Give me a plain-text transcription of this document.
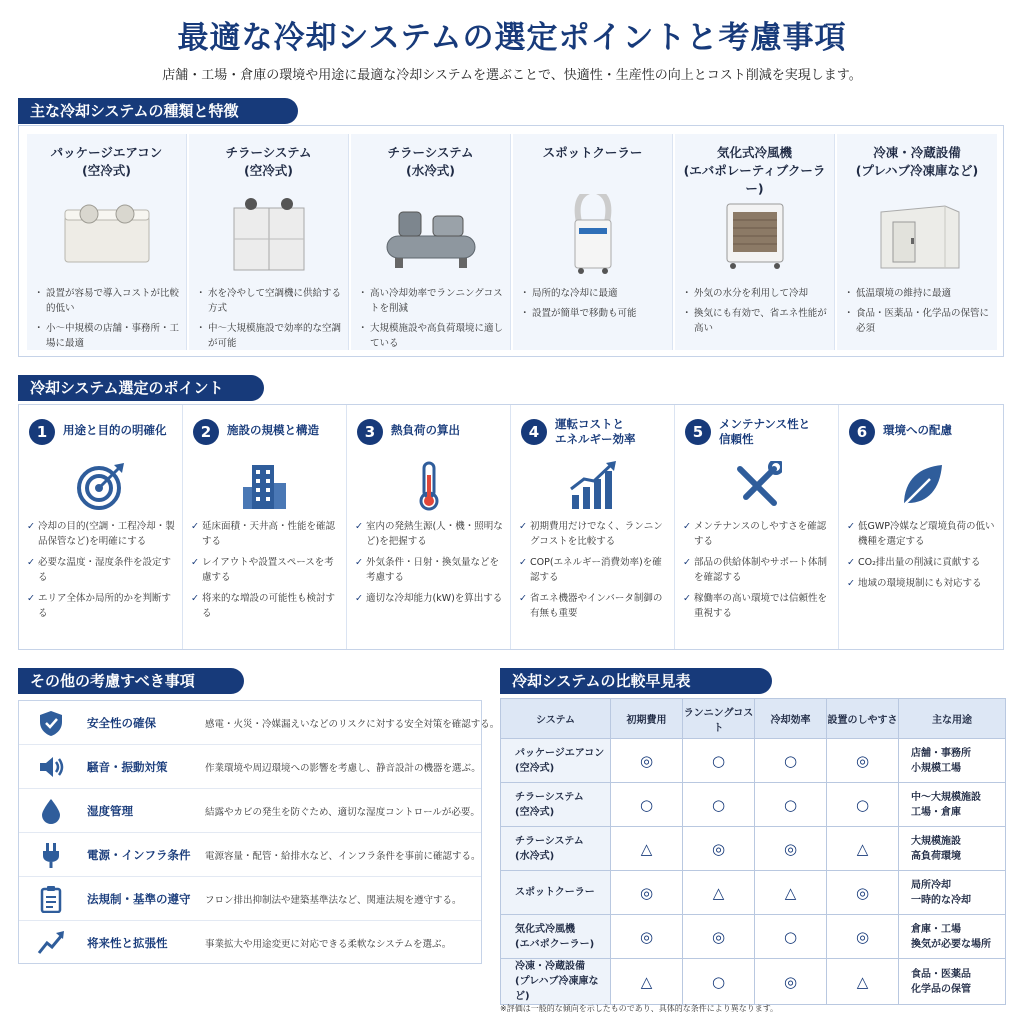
最適な冷却システムの選定ポイントと考慮事項
店舗・工場・倉庫の環境や用途に最適な冷却システムを選ぶことで、快適性・生産性の向上とコスト削減を実現します。
主な冷却システムの種類と特徴
パッケージエアコン
(空冷式)
・ 設置が容易で導入コストが比較的低い
・ 小〜中規模の店舗・事務所・工場に最適
チラーシステム
(空冷式)
・ 水を冷やして空調機に供給する方式
・ 中〜大規模施設で効率的な空調が可能
チラーシステム
(水冷式)
・ 高い冷却効率でランニングコストを削減
・ 大規模施設や高負荷環境に適している
スポットクーラー
・ 局所的な冷却に最適
・ 設置が簡単で移動も可能
気化式冷風機
(エバポレーティブクーラー)
・ 外気の水分を利用して冷却
・ 換気にも有効で、省エネ性能が高い
冷凍・冷蔵設備
(プレハブ冷凍庫など)
・ 低温環境の維持に最適
・ 食品・医薬品・化学品の保管に必須
冷却システム選定のポイント
1	用途と目的の明確化
✓ 冷却の目的(空調・工程冷却・製品保管など)を明確にする
✓ 必要な温度・湿度条件を設定する
✓ エリア全体か局所的かを判断する
2	施設の規模と構造
✓ 延床面積・天井高・性能を確認する
✓ レイアウトや設置スペースを考慮する
✓ 将来的な増設の可能性も検討する
3	熱負荷の算出
✓ 室内の発熱生源(人・機・照明など)を把握する
✓ 外気条件・日射・換気量などを考慮する
✓ 適切な冷却能力(kW)を算出する
4	運転コストと
エネルギー効率
✓ 初期費用だけでなく、ランニングコストを比較する
✓ COP(エネルギー消費効率)を確認する
✓ 省エネ機器やインバータ制御の有無も重要
5	メンテナンス性と
信頼性
✓ メンテナンスのしやすさを確認する
✓ 部品の供給体制やサポート体制を確認する
✓ 稼働率の高い環境では信頼性を重視する
6	環境への配慮
✓ 低GWP冷媒など環境負荷の低い機種を選定する
✓ CO₂排出量の削減に貢献する
✓ 地域の環境規制にも対応する
その他の考慮すべき事項
安全性の確保	感電・火災・冷媒漏えいなどのリスクに対する安全対策を確認する。
騒音・振動対策	作業環境や周辺環境への影響を考慮し、静音設計の機器を選ぶ。
湿度管理	結露やカビの発生を防ぐため、適切な湿度コントロールが必要。
電源・インフラ条件 電源容量・配管・給排水など、インフラ条件を事前に確認する。
法規制・基準の遵守 フロン排出抑制法や建築基準法など、関連法規を遵守する。
将来性と拡張性	事業拡大や用途変更に対応できる柔軟なシステムを選ぶ。
冷却システムの比較早見表
システム	初期費用	ランニングコスト	冷却効率	設置のしやすさ	主な用途
パッケージエアコン
(空冷式)	◎	○	○	◎	店舗・事務所
小規模工場
チラーシステム
(空冷式)	○	○	○	○	中〜大規模施設
工場・倉庫
チラーシステム
(水冷式)	△	◎	◎	△	大規模施設
高負荷環境
スポットクーラー	◎	△	△	◎	局所冷却
一時的な冷却
気化式冷風機
(エバポクーラー)	◎	◎	○	◎	倉庫・工場
換気が必要な場所
冷凍・冷蔵設備
(プレハブ冷凍庫など)	△	○	◎	△	食品・医薬品
化学品の保管
※評価は一般的な傾向を示したものであり、具体的な条件により異なります。
